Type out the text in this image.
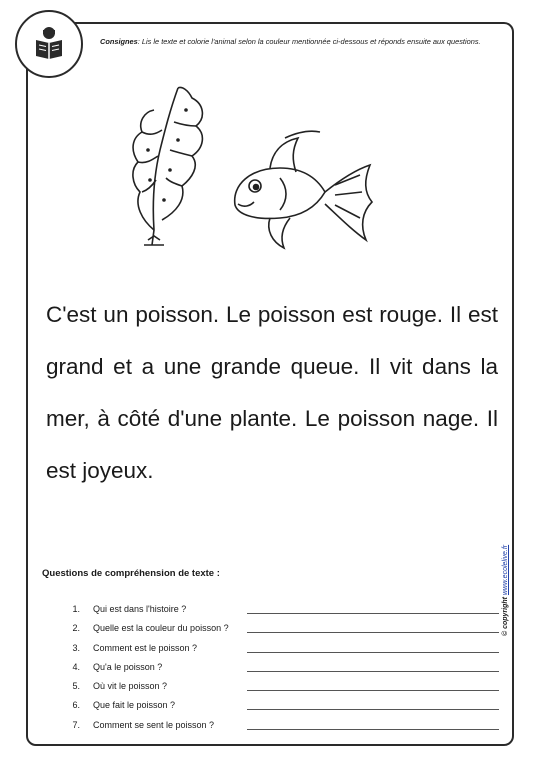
Consignes: Lis le texte et colorie l'animal selon la couleur mentionnée ci-dessous et réponds ensuite aux questions.
C'est un poisson. Le poisson est rouge. Il est grand et a une grande queue. Il vit dans la mer, à côté d'une plante. Le poisson nage. Il est joyeux.
© copyright www.ecolelive.fr
Questions de compréhension de texte :
1. Qui est dans l'histoire ?
2. Quelle est la couleur du poisson ?
3. Comment est le poisson ?
4. Qu'a le poisson ?
5. Où vit le poisson ?
6. Que fait le poisson ?
7. Comment se sent le poisson ?
